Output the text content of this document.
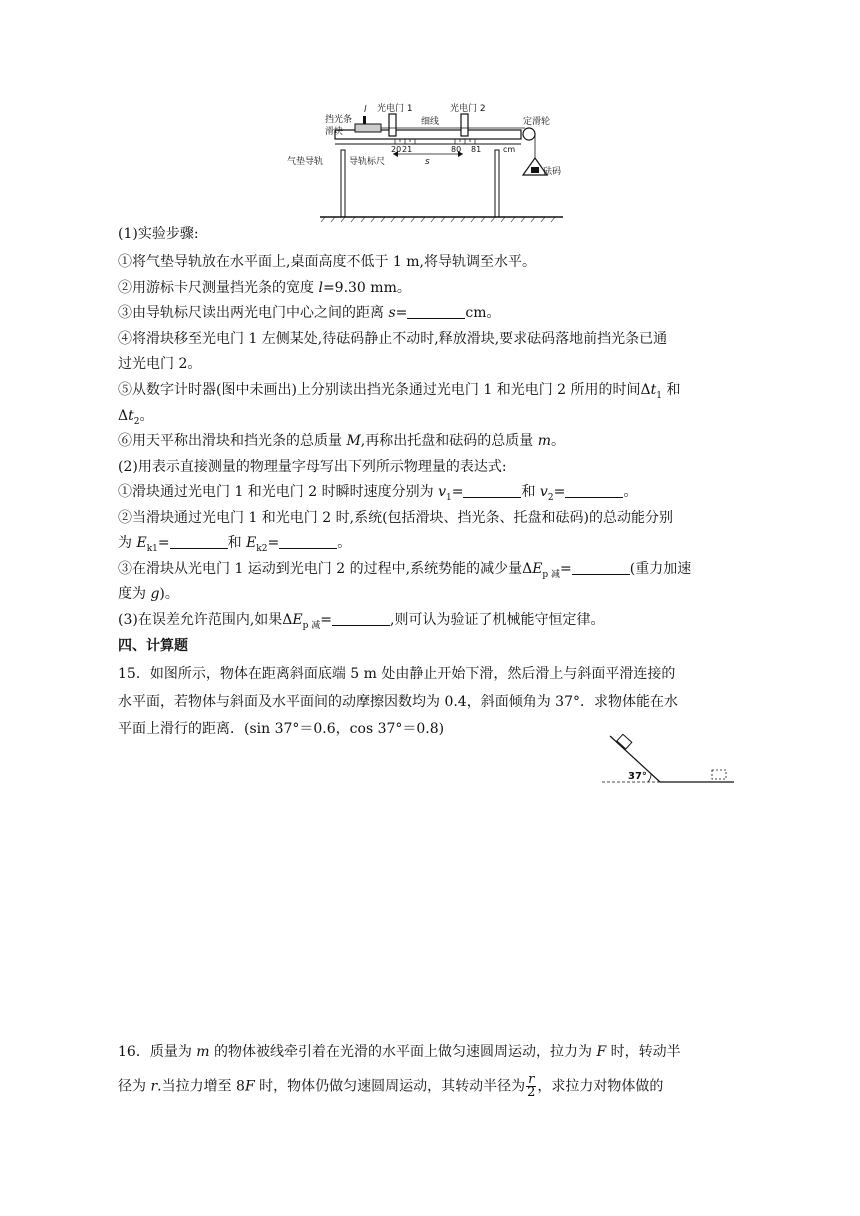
l 光电门 1	光电门 2
挡光条
滑块
细线	定滑轮
20 21	80 81	cm
s
气垫导轨	导轨标尺
砝码
(1)实验步骤:
①将气垫导轨放在水平面上,桌面高度不低于 1 m,将导轨调至水平。
②用游标卡尺测量挡光条的宽度 l=9.30 mm。
③由导轨标尺读出两光电门中心之间的距离 s=	cm。
④将滑块移至光电门 1 左侧某处,待砝码静止不动时,释放滑块,要求砝码落地前挡光条已通
过光电门 2。
⑤从数字计时器(图中未画出)上分别读出挡光条通过光电门 1 和光电门 2 所用的时间$\Delta t_1$ 和
$\Delta t_2$。
⑥用天平称出滑块和挡光条的总质量 M,再称出托盘和砝码的总质量 m。
(2)用表示直接测量的物理量字母写出下列所示物理量的表达式:
①滑块通过光电门 1 和光电门 2 时瞬时速度分别为 $v_1=$	和 $v_2=$	。
②当滑块通过光电门 1 和光电门 2 时,系统(包括滑块、挡光条、托盘和砝码)的总动能分别
为 $E_{k1}=$	和 $E_{k2}=$	。
③在滑块从光电门 1 运动到光电门 2 的过程中,系统势能的减少量$\Delta E_{p 减}=$	(重力加速
度为 g)。
(3)在误差允许范围内,如果$\Delta E_{p 减}=$	,则可认为验证了机械能守恒定律。
四、计算题
15．如图所示，物体在距离斜面底端 5 m 处由静止开始下滑，然后滑上与斜面平滑连接的
水平面，若物体与斜面及水平面间的动摩擦因数均为 0.4，斜面倾角为 37°．求物体能在水
平面上滑行的距离．(sin 37°＝0.6，cos 37°＝0.8)
37°
16．质量为 m 的物体被线牵引着在光滑的水平面上做匀速圆周运动，拉力为 F 时，转动半
径为 r.当拉力增至 8F 时，物体仍做匀速圆周运动，其转动半径为 $\frac{r}{2}$ ，求拉力对物体做的
